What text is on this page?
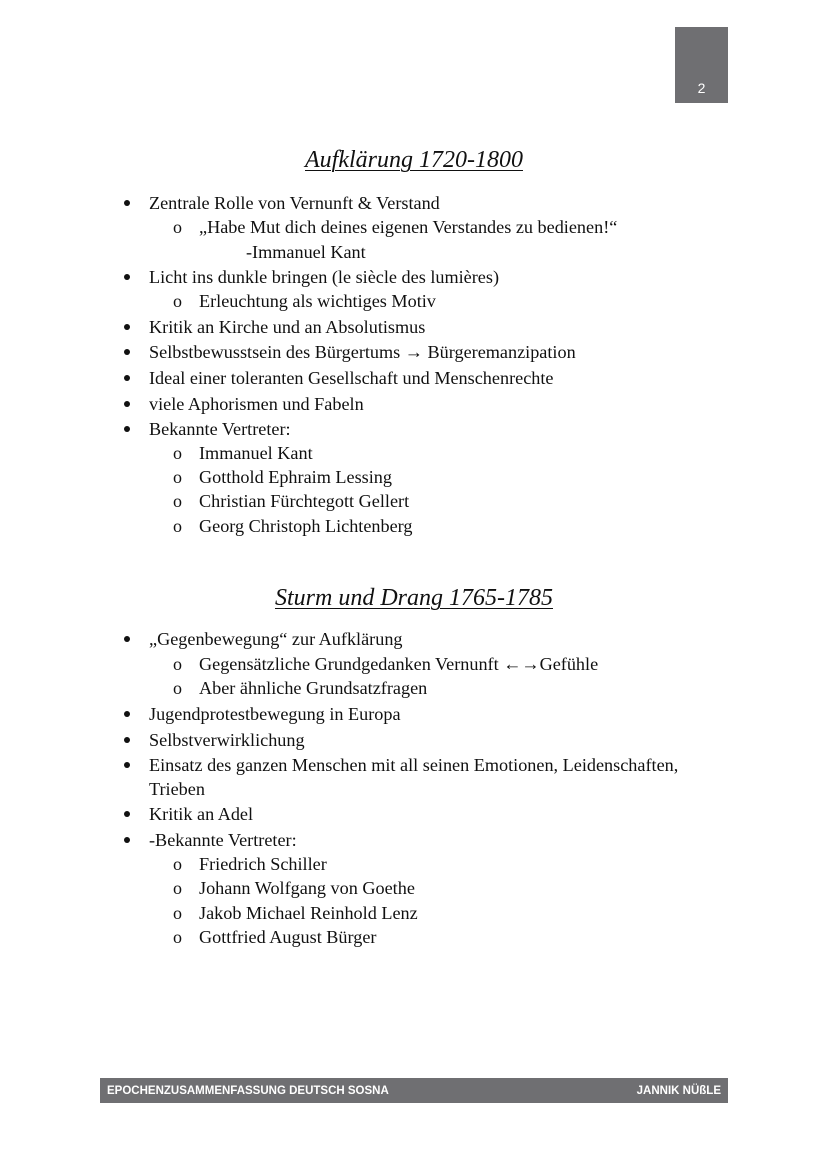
2
Aufklärung 1720-1800
Zentrale Rolle von Vernunft & Verstand
o „Habe Mut dich deines eigenen Verstandes zu bedienen!“
-Immanuel Kant
Licht ins dunkle bringen (le siècle des lumières)
o Erleuchtung als wichtiges Motiv
Kritik an Kirche und an Absolutismus
Selbstbewusstsein des Bürgertums → Bürgeremanzipation
Ideal einer toleranten Gesellschaft und Menschenrechte
viele Aphorismen und Fabeln
Bekannte Vertreter:
o Immanuel Kant
o Gotthold Ephraim Lessing
o Christian Fürchtegott Gellert
o Georg Christoph Lichtenberg
Sturm und Drang 1765-1785
„Gegenbewegung“ zur Aufklärung
o Gegensätzliche Grundgedanken Vernunft ←→Gefühle
o Aber ähnliche Grundsatzfragen
Jugendprotestbewegung in Europa
Selbstverwirklichung
Einsatz des ganzen Menschen mit all seinen Emotionen, Leidenschaften,
Trieben
Kritik an Adel
-Bekannte Vertreter:
o Friedrich Schiller
o Johann Wolfgang von Goethe
o Jakob Michael Reinhold Lenz
o Gottfried August Bürger
EPOCHENZUSAMMENFASSUNG DEUTSCH SOSNA	JANNIK NÜßLE
